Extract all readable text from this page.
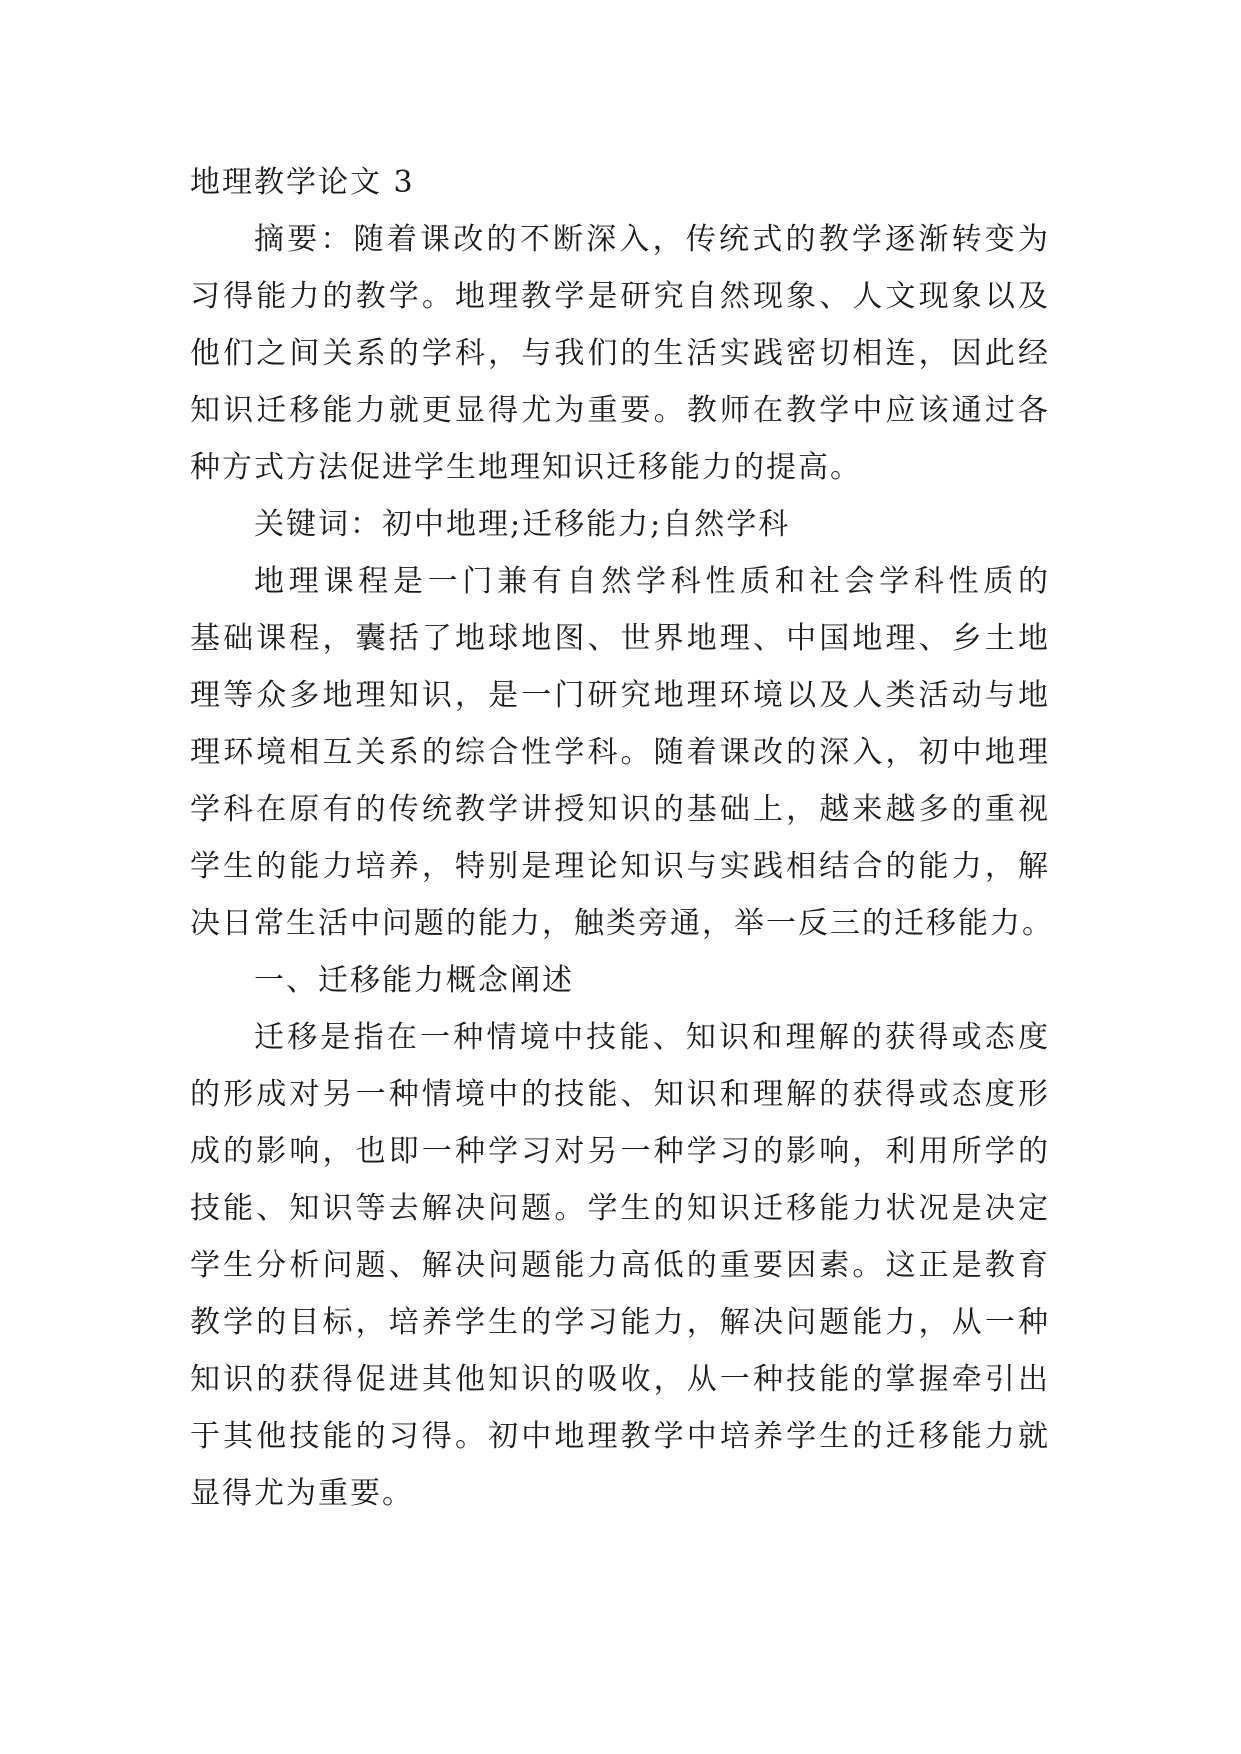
地理教学论文 3
摘要：随着课改的不断深入，传统式的教学逐渐转变为
习得能力的教学。地理教学是研究自然现象、人文现象以及
他们之间关系的学科，与我们的生活实践密切相连，因此经
知识迁移能力就更显得尤为重要。教师在教学中应该通过各
种方式方法促进学生地理知识迁移能力的提高。
关键词：初中地理;迁移能力;自然学科
地理课程是一门兼有自然学科性质和社会学科性质的
基础课程，囊括了地球地图、世界地理、中国地理、乡土地
理等众多地理知识，是一门研究地理环境以及人类活动与地
理环境相互关系的综合性学科。随着课改的深入，初中地理
学科在原有的传统教学讲授知识的基础上，越来越多的重视
学生的能力培养，特别是理论知识与实践相结合的能力，解
决日常生活中问题的能力，触类旁通，举一反三的迁移能力。
一、迁移能力概念阐述
迁移是指在一种情境中技能、知识和理解的获得或态度
的形成对另一种情境中的技能、知识和理解的获得或态度形
成的影响，也即一种学习对另一种学习的影响，利用所学的
技能、知识等去解决问题。学生的知识迁移能力状况是决定
学生分析问题、解决问题能力高低的重要因素。这正是教育
教学的目标，培养学生的学习能力，解决问题能力，从一种
知识的获得促进其他知识的吸收，从一种技能的掌握牵引出
于其他技能的习得。初中地理教学中培养学生的迁移能力就
显得尤为重要。
